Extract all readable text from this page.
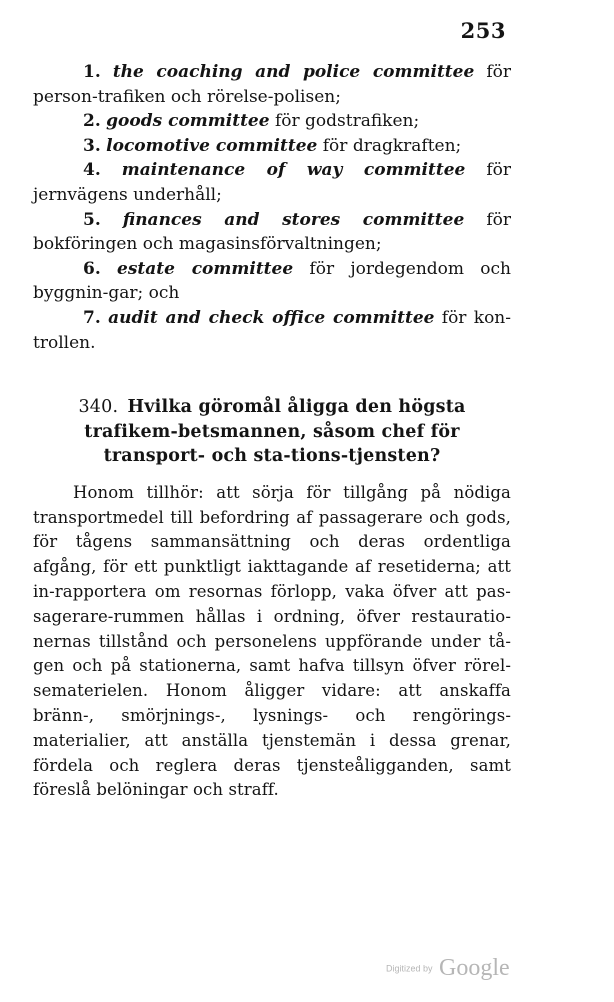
253

1. the coaching and police committee för person-trafiken och rörelse-polisen;

2. goods committee för godstrafiken;

3. locomotive committee för dragkraften;

4. maintenance of way committee för jernvägens underhåll;

5. finances and stores committee för bokföringen och magasinsförvaltningen;

6. estate committee för jordegendom och byggnin-gar; och

7. audit and check office committee för kon-trollen.

340. Hvilka göromål åligga den högsta trafikem-betsmannen, såsom chef för transport- och sta-tions-tjensten?

Honom tillhör: att sörja för tillgång på nödiga transportmedel till befordring af passagerare och gods, för tågens sammansättning och deras ordentliga afgång, för ett punktligt iakttagande af resetiderna; att in-rapportera om resornas förlopp, vaka öfver att pas-sagerare-rummen hållas i ordning, öfver restauratio-nernas tillstånd och personelens uppförande under tå-gen och på stationerna, samt hafva tillsyn öfver rörel-sematerielen. Honom åligger vidare: att anskaffa bränn-, smörjnings-, lysnings- och rengörings-materialier, att anställa tjenstemän i dessa grenar, fördela och reglera deras tjensteåligganden, samt föreslå belöningar och straff.

Digitized by Google
